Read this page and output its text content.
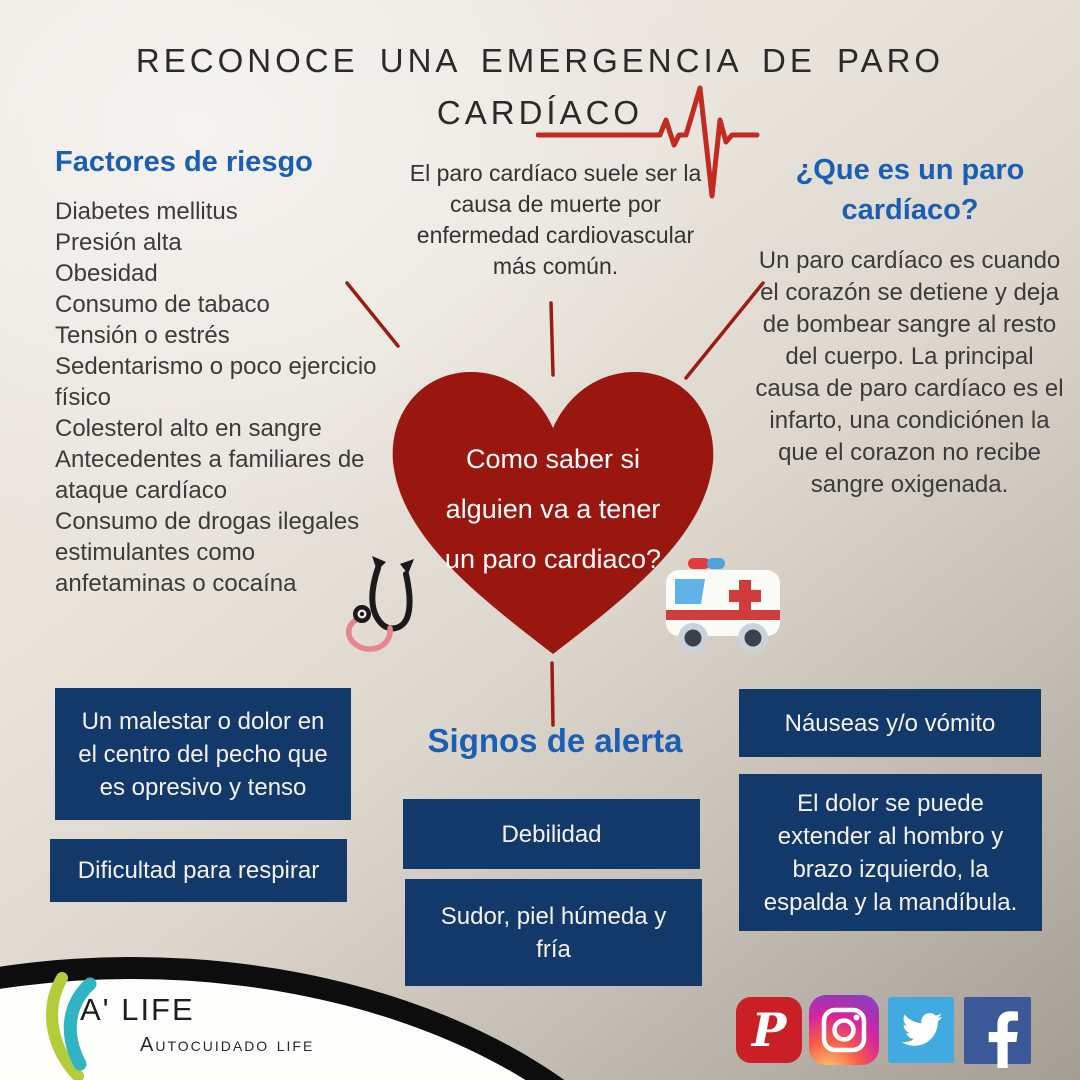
RECONOCE UNA EMERGENCIA DE PARO
CARDÍACO
Factores de riesgo
Diabetes mellitus
Presión alta
Obesidad
Consumo de tabaco
Tensión o estrés
Sedentarismo o poco ejercicio físico
Colesterol alto en sangre
Antecedentes a familiares de ataque cardíaco
Consumo de drogas ilegales estimulantes como anfetaminas o cocaína
El paro cardíaco suele ser la causa de muerte por enfermedad cardiovascular más común.
¿Que es un paro cardíaco?
Un paro cardíaco es cuando el corazón se detiene y deja de bombear sangre al resto del cuerpo. La principal causa de paro cardíaco es el infarto, una condiciónen la que el corazon no recibe sangre oxigenada.
Como saber si alguien va a tener un paro cardiaco?
Un malestar o dolor en el centro del pecho que es opresivo y tenso
Dificultad para respirar
Signos de alerta
Debilidad
Sudor, piel húmeda y fría
Náuseas y/o vómito
El dolor se puede extender al hombro y brazo izquierdo, la espalda y la mandíbula.
A' LIFE
Autocuidado life	P
